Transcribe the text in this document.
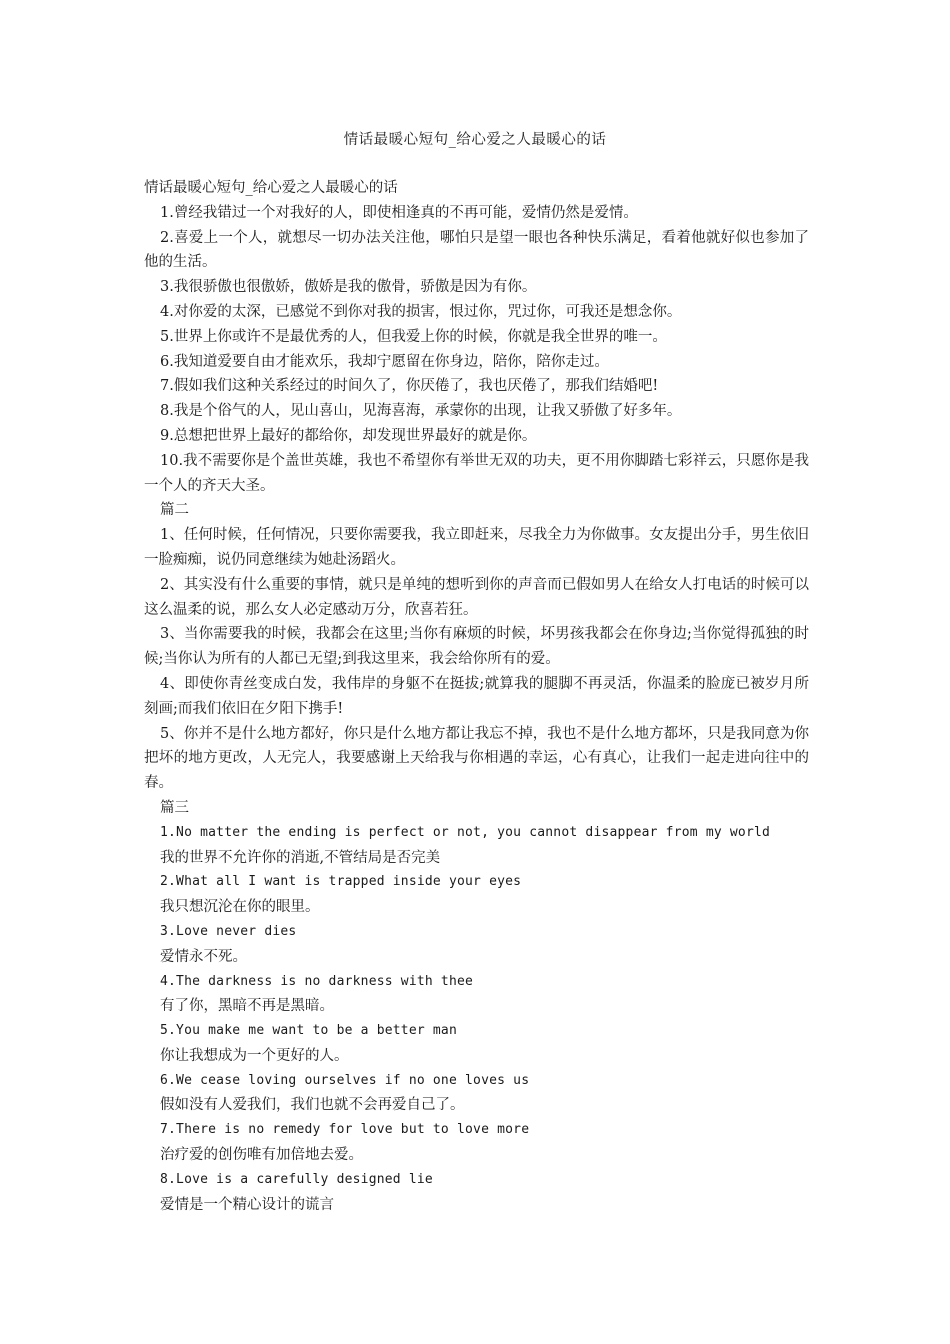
情话最暖心短句_给心爱之人最暖心的话

情话最暖心短句_给心爱之人最暖心的话

1.曾经我错过一个对我好的人，即使相逢真的不再可能，爱情仍然是爱情。

2.喜爱上一个人，就想尽一切办法关注他，哪怕只是望一眼也各种快乐满足，看着他就好似也参加了他的生活。

3.我很骄傲也很傲娇，傲娇是我的傲骨，骄傲是因为有你。

4.对你爱的太深，已感觉不到你对我的损害，恨过你，咒过你，可我还是想念你。

5.世界上你或许不是最优秀的人，但我爱上你的时候，你就是我全世界的唯一。

6.我知道爱要自由才能欢乐，我却宁愿留在你身边，陪你，陪你走过。

7.假如我们这种关系经过的时间久了，你厌倦了，我也厌倦了，那我们结婚吧!

8.我是个俗气的人，见山喜山，见海喜海，承蒙你的出现，让我又骄傲了好多年。

9.总想把世界上最好的都给你，却发现世界最好的就是你。

10.我不需要你是个盖世英雄，我也不希望你有举世无双的功夫，更不用你脚踏七彩祥云，只愿你是我一个人的齐天大圣。

篇二

1、任何时候，任何情况，只要你需要我，我立即赶来，尽我全力为你做事。女友提出分手，男生依旧一脸痴痴，说仍同意继续为她赴汤蹈火。

2、其实没有什么重要的事情，就只是单纯的想听到你的声音而已假如男人在给女人打电话的时候可以这么温柔的说，那么女人必定感动万分，欣喜若狂。

3、当你需要我的时候，我都会在这里;当你有麻烦的时候，坏男孩我都会在你身边;当你觉得孤独的时候;当你认为所有的人都已无望;到我这里来，我会给你所有的爱。

4、即使你青丝变成白发，我伟岸的身躯不在挺拔;就算我的腿脚不再灵活，你温柔的脸庞已被岁月所刻画;而我们依旧在夕阳下携手!

5、你并不是什么地方都好，你只是什么地方都让我忘不掉，我也不是什么地方都坏，只是我同意为你把坏的地方更改，人无完人，我要感谢上天给我与你相遇的幸运，心有真心，让我们一起走进向往中的春。

篇三

1.No matter the ending is perfect or not, you cannot disappear from my world

我的世界不允许你的消逝,不管结局是否完美

2.What all I want is trapped inside your eyes

我只想沉沦在你的眼里。

3.Love never dies

爱情永不死。

4.The darkness is no darkness with thee

有了你，黑暗不再是黑暗。

5.You make me want to be a better man

你让我想成为一个更好的人。

6.We cease loving ourselves if no one loves us

假如没有人爱我们，我们也就不会再爱自己了。

7.There is no remedy for love but to love more

治疗爱的创伤唯有加倍地去爱。

8.Love is a carefully designed lie

爱情是一个精心设计的谎言
